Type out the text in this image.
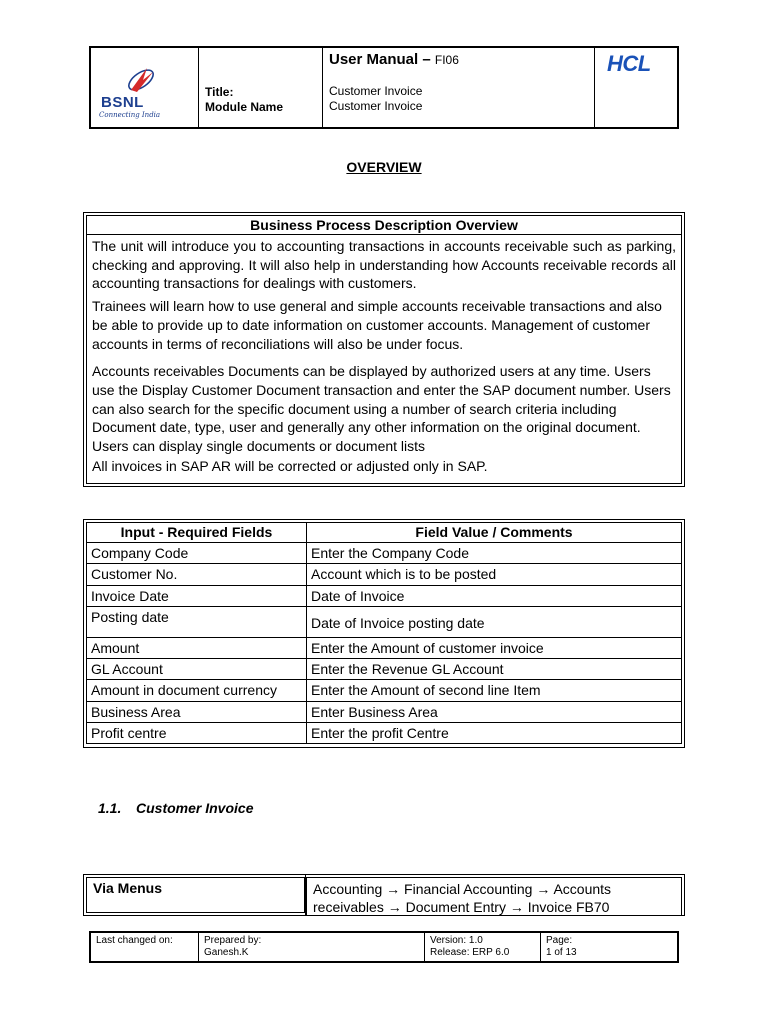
BSNL
Connecting India
Title:
Module Name
User Manual – FI06
Customer Invoice
Customer Invoice
HCL
OVERVIEW
Business Process Description Overview

The unit will introduce you to accounting transactions in accounts receivable such as parking, checking and approving. It will also help in understanding how Accounts receivable records all accounting transactions for dealings with customers.

Trainees will learn how to use general and simple accounts receivable transactions and also be able to provide up to date information on customer accounts. Management of customer accounts in terms of reconciliations will also be under focus.

Accounts receivables Documents can be displayed by authorized users at any time. Users use the Display Customer Document transaction and enter the SAP document number. Users can also search for the specific document using a number of search criteria including Document date, type, user and generally any other information on the original document. Users can display single documents or document lists

All invoices in SAP AR will be corrected or adjusted only in SAP.

Input - Required Fields	Field Value / Comments
Company Code	Enter the Company Code
Customer No.	Account which is to be posted
Invoice Date	Date of Invoice
Posting date	Date of Invoice posting date
Amount	Enter the Amount of customer invoice
GL Account	Enter the Revenue GL Account
Amount in document currency	Enter the Amount of second line Item
Business Area	Enter Business Area
Profit centre	Enter the profit Centre
1.1. Customer Invoice
Via Menus	Accounting → Financial Accounting → Accounts
receivables → Document Entry → Invoice FB70
Last changed on:	Prepared by:
Ganesh.K
Version: 1.0
Release: ERP 6.0
Page:
1 of 13
